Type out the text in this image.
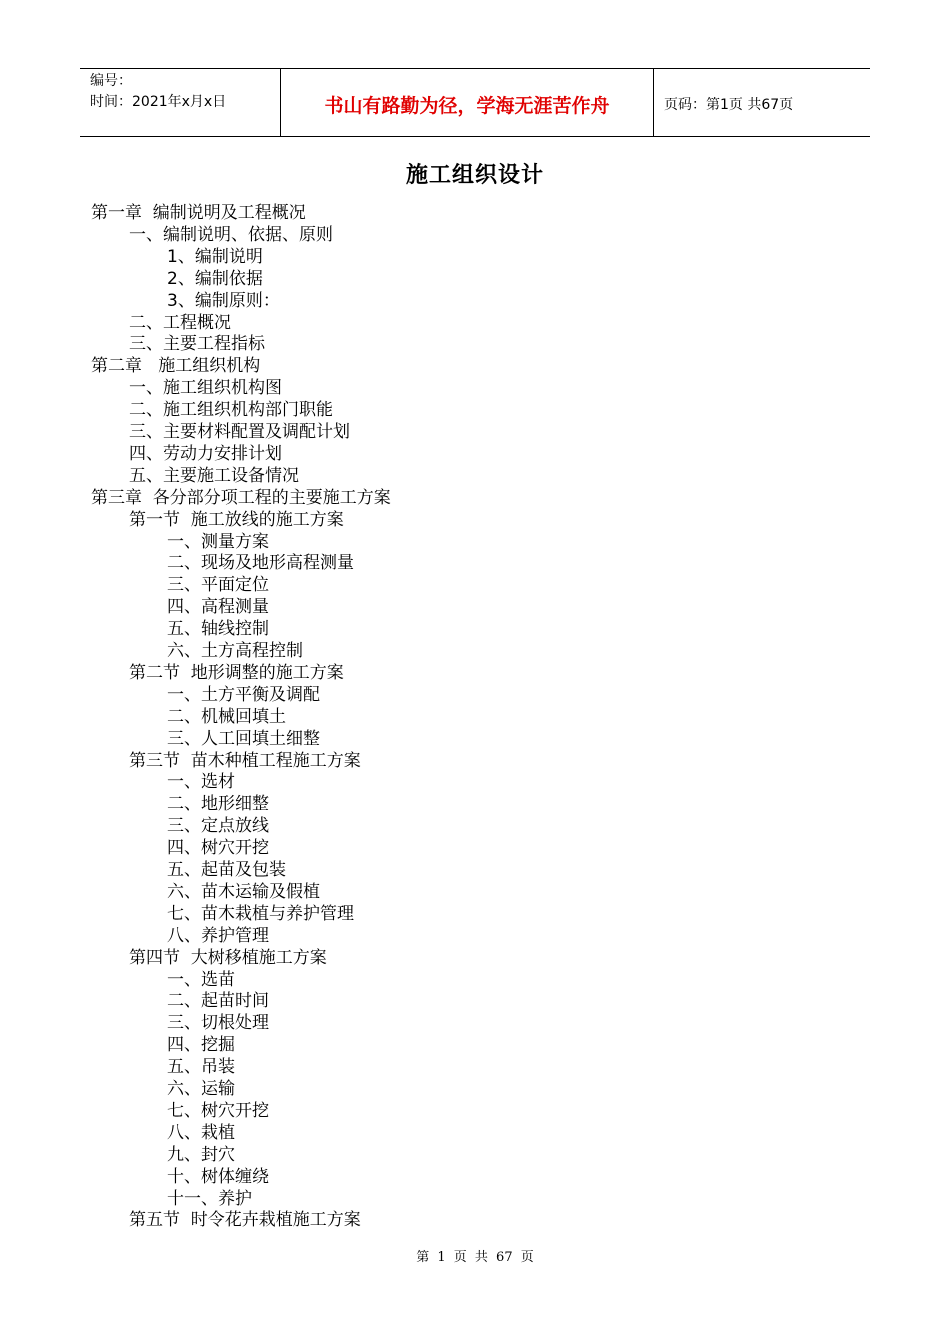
编号：
时间：2021年x月x日	书山有路勤为径，学海无涯苦作舟	页码：第1页 共67页
施工组织设计
第一章  编制说明及工程概况
一、编制说明、依据、原则
1、编制说明
2、编制依据
3、编制原则：
二、工程概况
三、主要工程指标
第二章   施工组织机构
一、施工组织机构图
二、施工组织机构部门职能
三、主要材料配置及调配计划
四、劳动力安排计划
五、主要施工设备情况
第三章  各分部分项工程的主要施工方案
第一节  施工放线的施工方案
一、测量方案
二、现场及地形高程测量
三、平面定位
四、高程测量
五、轴线控制
六、土方高程控制
第二节  地形调整的施工方案
一、土方平衡及调配
二、机械回填土
三、人工回填土细整
第三节  苗木种植工程施工方案
一、选材
二、地形细整
三、定点放线
四、树穴开挖
五、起苗及包装
六、苗木运输及假植
七、苗木栽植与养护管理
八、养护管理
第四节  大树移植施工方案
一、选苗
二、起苗时间
三、切根处理
四、挖掘
五、吊装
六、运输
七、树穴开挖
八、栽植
九、封穴
十、树体缠绕
十一、养护
第五节  时令花卉栽植施工方案
第 1 页 共 67 页
